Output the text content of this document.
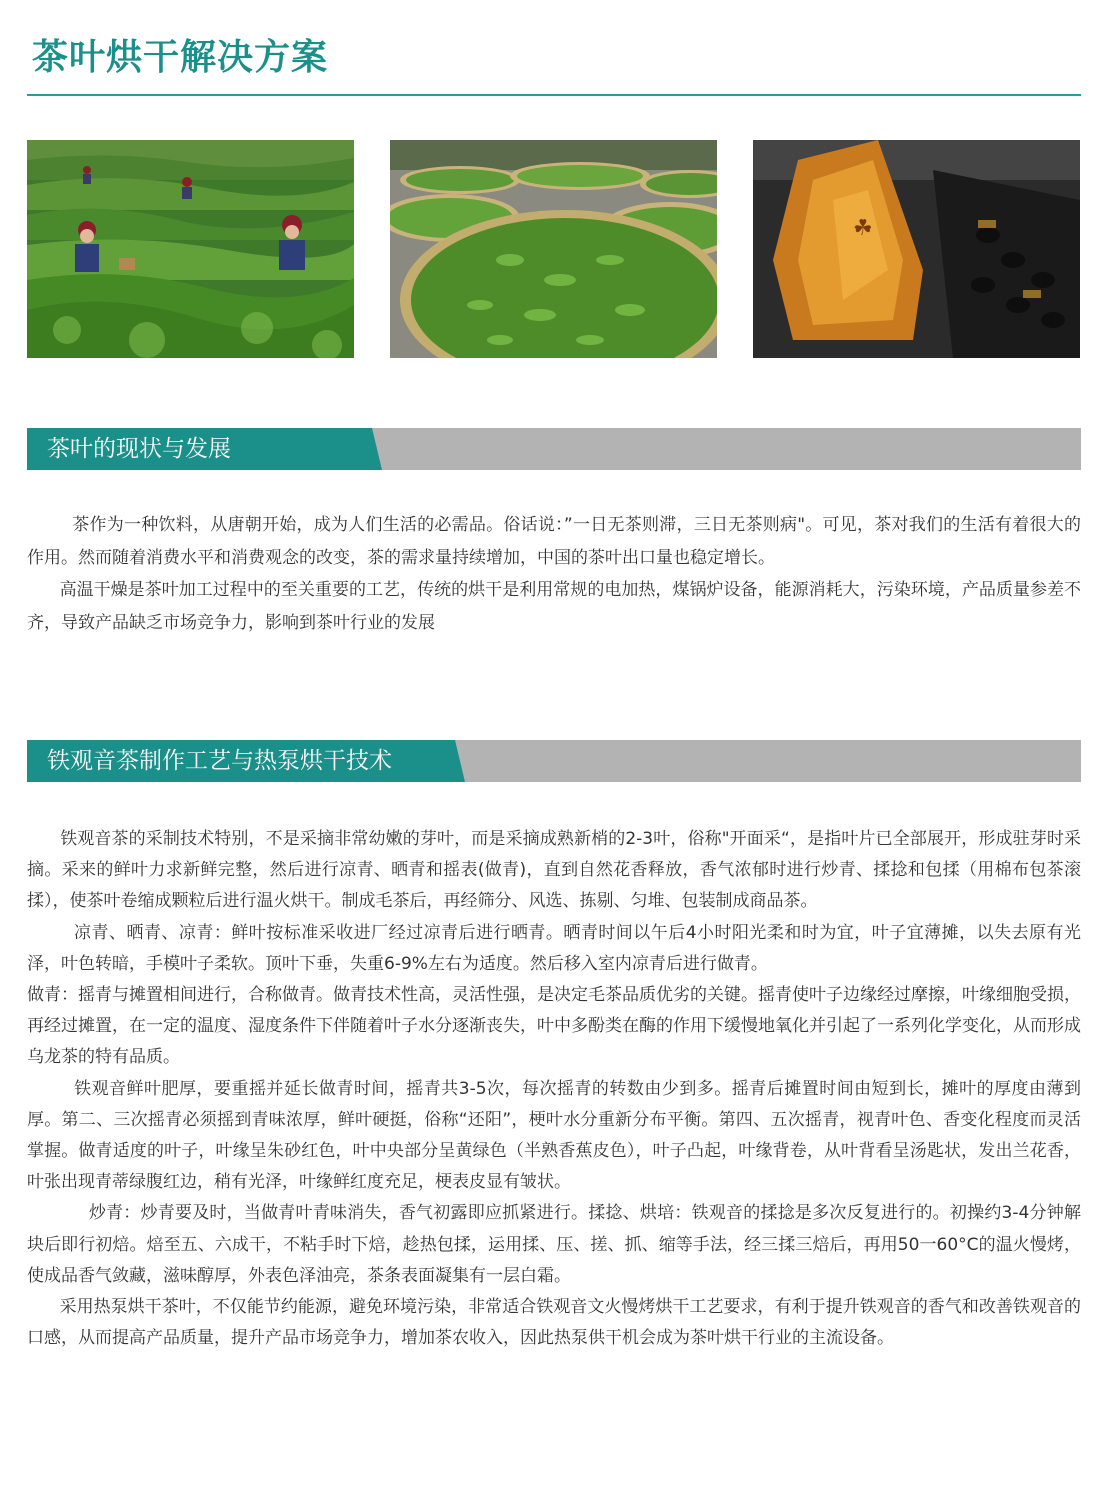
茶叶烘干解决方案
☘
茶叶的现状与发展

茶作为一种饮料，从唐朝开始，成为人们生活的必需品。俗话说：”一日无茶则滞，三日无茶则病"。可见，茶对我们的生活有着很大的作用。然而随着消费水平和消费观念的改变，茶的需求量持续增加，中国的茶叶出口量也稳定增长。

高温干燥是茶叶加工过程中的至关重要的工艺，传统的烘干是利用常规的电加热，煤锅炉设备，能源消耗大，污染环境，产品质量参差不齐，导致产品缺乏市场竞争力，影响到茶叶行业的发展

铁观音茶制作工艺与热泵烘干技术

铁观音茶的采制技术特别，不是采摘非常幼嫩的芽叶，而是采摘成熟新梢的2-3叶，俗称"开面采“，是指叶片已全部展开，形成驻芽时采摘。采来的鲜叶力求新鲜完整，然后进行凉青、晒青和摇表(做青)，直到自然花香释放，香气浓郁时进行炒青、揉捻和包揉（用棉布包茶滚揉），使茶叶卷缩成颗粒后进行温火烘干。制成毛茶后，再经筛分、风选、拣剔、匀堆、包装制成商品茶。

凉青、晒青、凉青：鲜叶按标准采收进厂经过凉青后进行晒青。晒青时间以午后4小时阳光柔和时为宜，叶子宜薄摊，以失去原有光泽，叶色转暗，手模叶子柔软。顶叶下垂，失重6-9%左右为适度。然后移入室内凉青后进行做青。

做青：摇青与摊置相间进行，合称做青。做青技术性高，灵活性强，是决定毛茶品质优劣的关键。摇青使叶子边缘经过摩擦，叶缘细胞受损，再经过摊置，在一定的温度、湿度条件下伴随着叶子水分逐渐丧失，叶中多酚类在酶的作用下缓慢地氧化并引起了一系列化学变化，从而形成乌龙茶的特有品质。

铁观音鲜叶肥厚，要重摇并延长做青时间，摇青共3-5次，每次摇青的转数由少到多。摇青后摊置时间由短到长，摊叶的厚度由薄到厚。第二、三次摇青必须摇到青味浓厚，鲜叶硬挺，俗称“还阳”，梗叶水分重新分布平衡。第四、五次摇青，视青叶色、香变化程度而灵活掌握。做青适度的叶子，叶缘呈朱砂红色，叶中央部分呈黄绿色（半熟香蕉皮色），叶子凸起，叶缘背卷，从叶背看呈汤匙状，发出兰花香，叶张出现青蒂绿腹红边，稍有光泽，叶缘鲜红度充足，梗表皮显有皱状。

炒青：炒青要及时，当做青叶青味消失，香气初露即应抓紧进行。揉捻、烘培：铁观音的揉捻是多次反复进行的。初操约3-4分钟解块后即行初焙。焙至五、六成干，不粘手时下焙，趁热包揉，运用揉、压、搓、抓、缩等手法，经三揉三焙后，再用50一60°C的温火慢烤，使成品香气敛藏，滋味醇厚，外表色泽油亮，茶条表面凝集有一层白霜。

采用热泵烘干茶叶，不仅能节约能源，避免环境污染，非常适合铁观音文火慢烤烘干工艺要求，有利于提升铁观音的香气和改善铁观音的口感，从而提高产品质量，提升产品市场竞争力，增加茶农收入，因此热泵供干机会成为茶叶烘干行业的主流设备。
